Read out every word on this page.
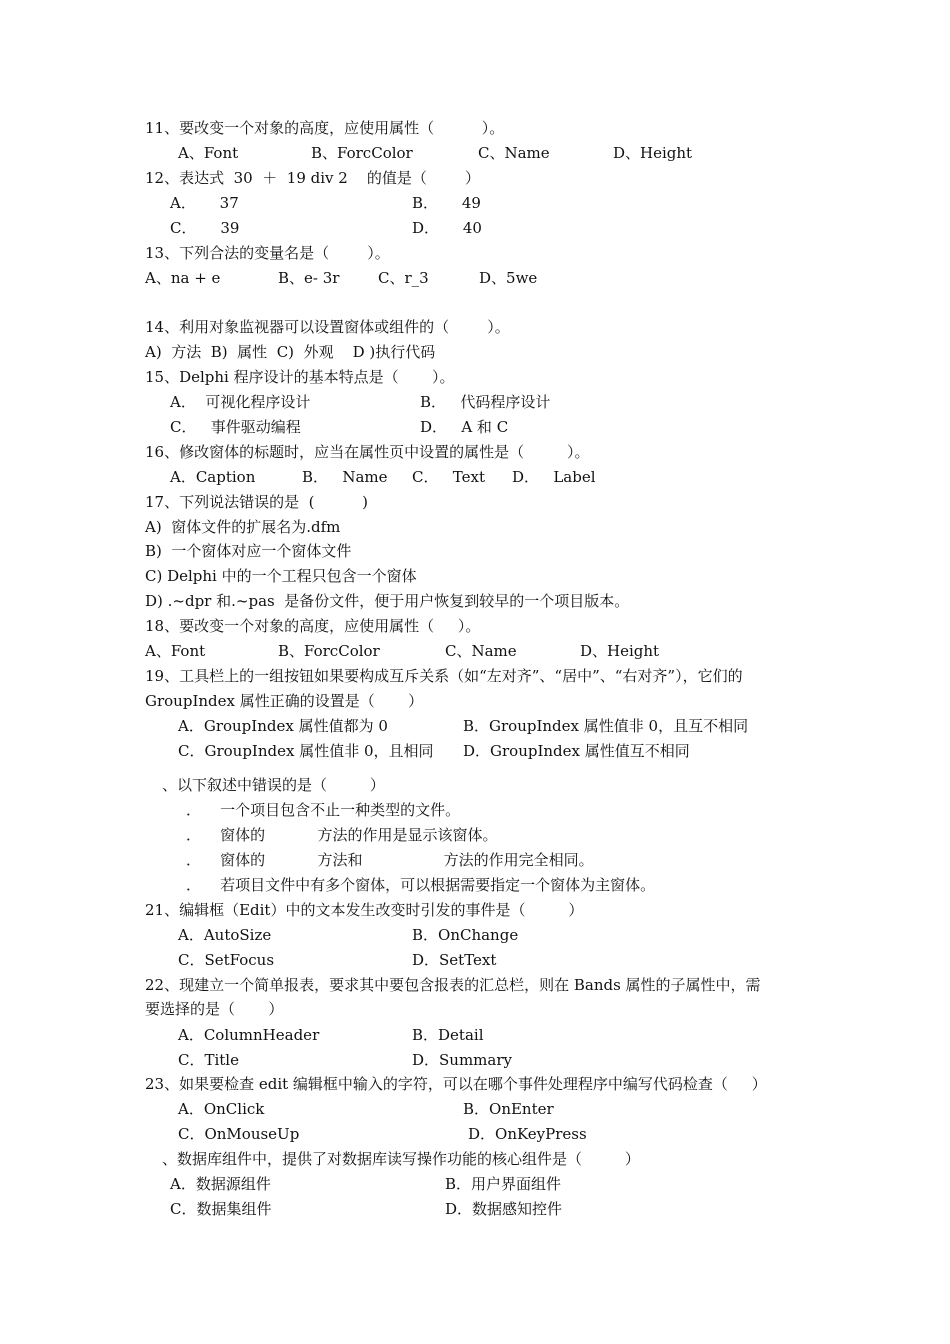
11、要改变一个对象的高度，应使用属性（          ）。

A、Font

	B、ForcColor

	C、Name

	D、Height

12、表达式  30  ＋  19 div 2    的值是（        ）

A．     37

	B．     49

C．     39

	D．     40

13、下列合法的变量名是（        ）。

A、na + e

	B、e- 3r

	C、r_3

	D、5we

14、利用对象监视器可以设置窗体或组件的（        ）。
A)  方法  B)  属性  C)  外观    D )执行代码
15、Delphi 程序设计的基本特点是（       ）。

A．  可视化程序设计

	B．   代码程序设计

C．   事件驱动编程

	D．   A 和 C

16、修改窗体的标题时，应当在属性页中设置的属性是（         ）。

A．Caption

	B．   Name

C．   Text

D．   Label

17、下列说法错误的是  (          )
A)  窗体文件的扩展名为.dfm
B)  一个窗体对应一个窗体文件
C) Delphi 中的一个工程只包含一个窗体
D) .~dpr 和.~pas  是备份文件，便于用户恢复到较早的一个项目版本。
18、要改变一个对象的高度，应使用属性（     ）。

A、Font

	B、ForcColor

	C、Name

	D、Height

19、工具栏上的一组按钮如果要构成互斥关系（如“左对齐”、“居中”、“右对齐”），它们的
GroupIndex 属性正确的设置是（       ）

A．GroupIndex 属性值都为 0

	B．GroupIndex 属性值非 0，且互不相同

C．GroupIndex 属性值非 0，且相同

D．GroupIndex 属性值互不相同

、以下叙述中错误的是（         ）
．    一个项目包含不止一种类型的文件。
．    窗体的           方法的作用是显示该窗体。
．    窗体的           方法和                 方法的作用完全相同。
．    若项目文件中有多个窗体，可以根据需要指定一个窗体为主窗体。
21、编辑框（Edit）中的文本发生改变时引发的事件是（         ）

A．AutoSize

	B．OnChange

C．SetFocus

	D．SetText

22、现建立一个简单报表，要求其中要包含报表的汇总栏，则在 Bands 属性的子属性中，需
要选择的是（       ）

A．ColumnHeader

	B．Detail

C．Title

	D．Summary

23、如果要检查 edit 编辑框中输入的字符，可以在哪个事件处理程序中编写代码检查（     ）

A．OnClick

	B．OnEnter

C．OnMouseUp

	D．OnKeyPress

、数据库组件中，提供了对数据库读写操作功能的核心组件是（         ）

A．数据源组件

	B．用户界面组件

C．数据集组件

	D．数据感知控件
